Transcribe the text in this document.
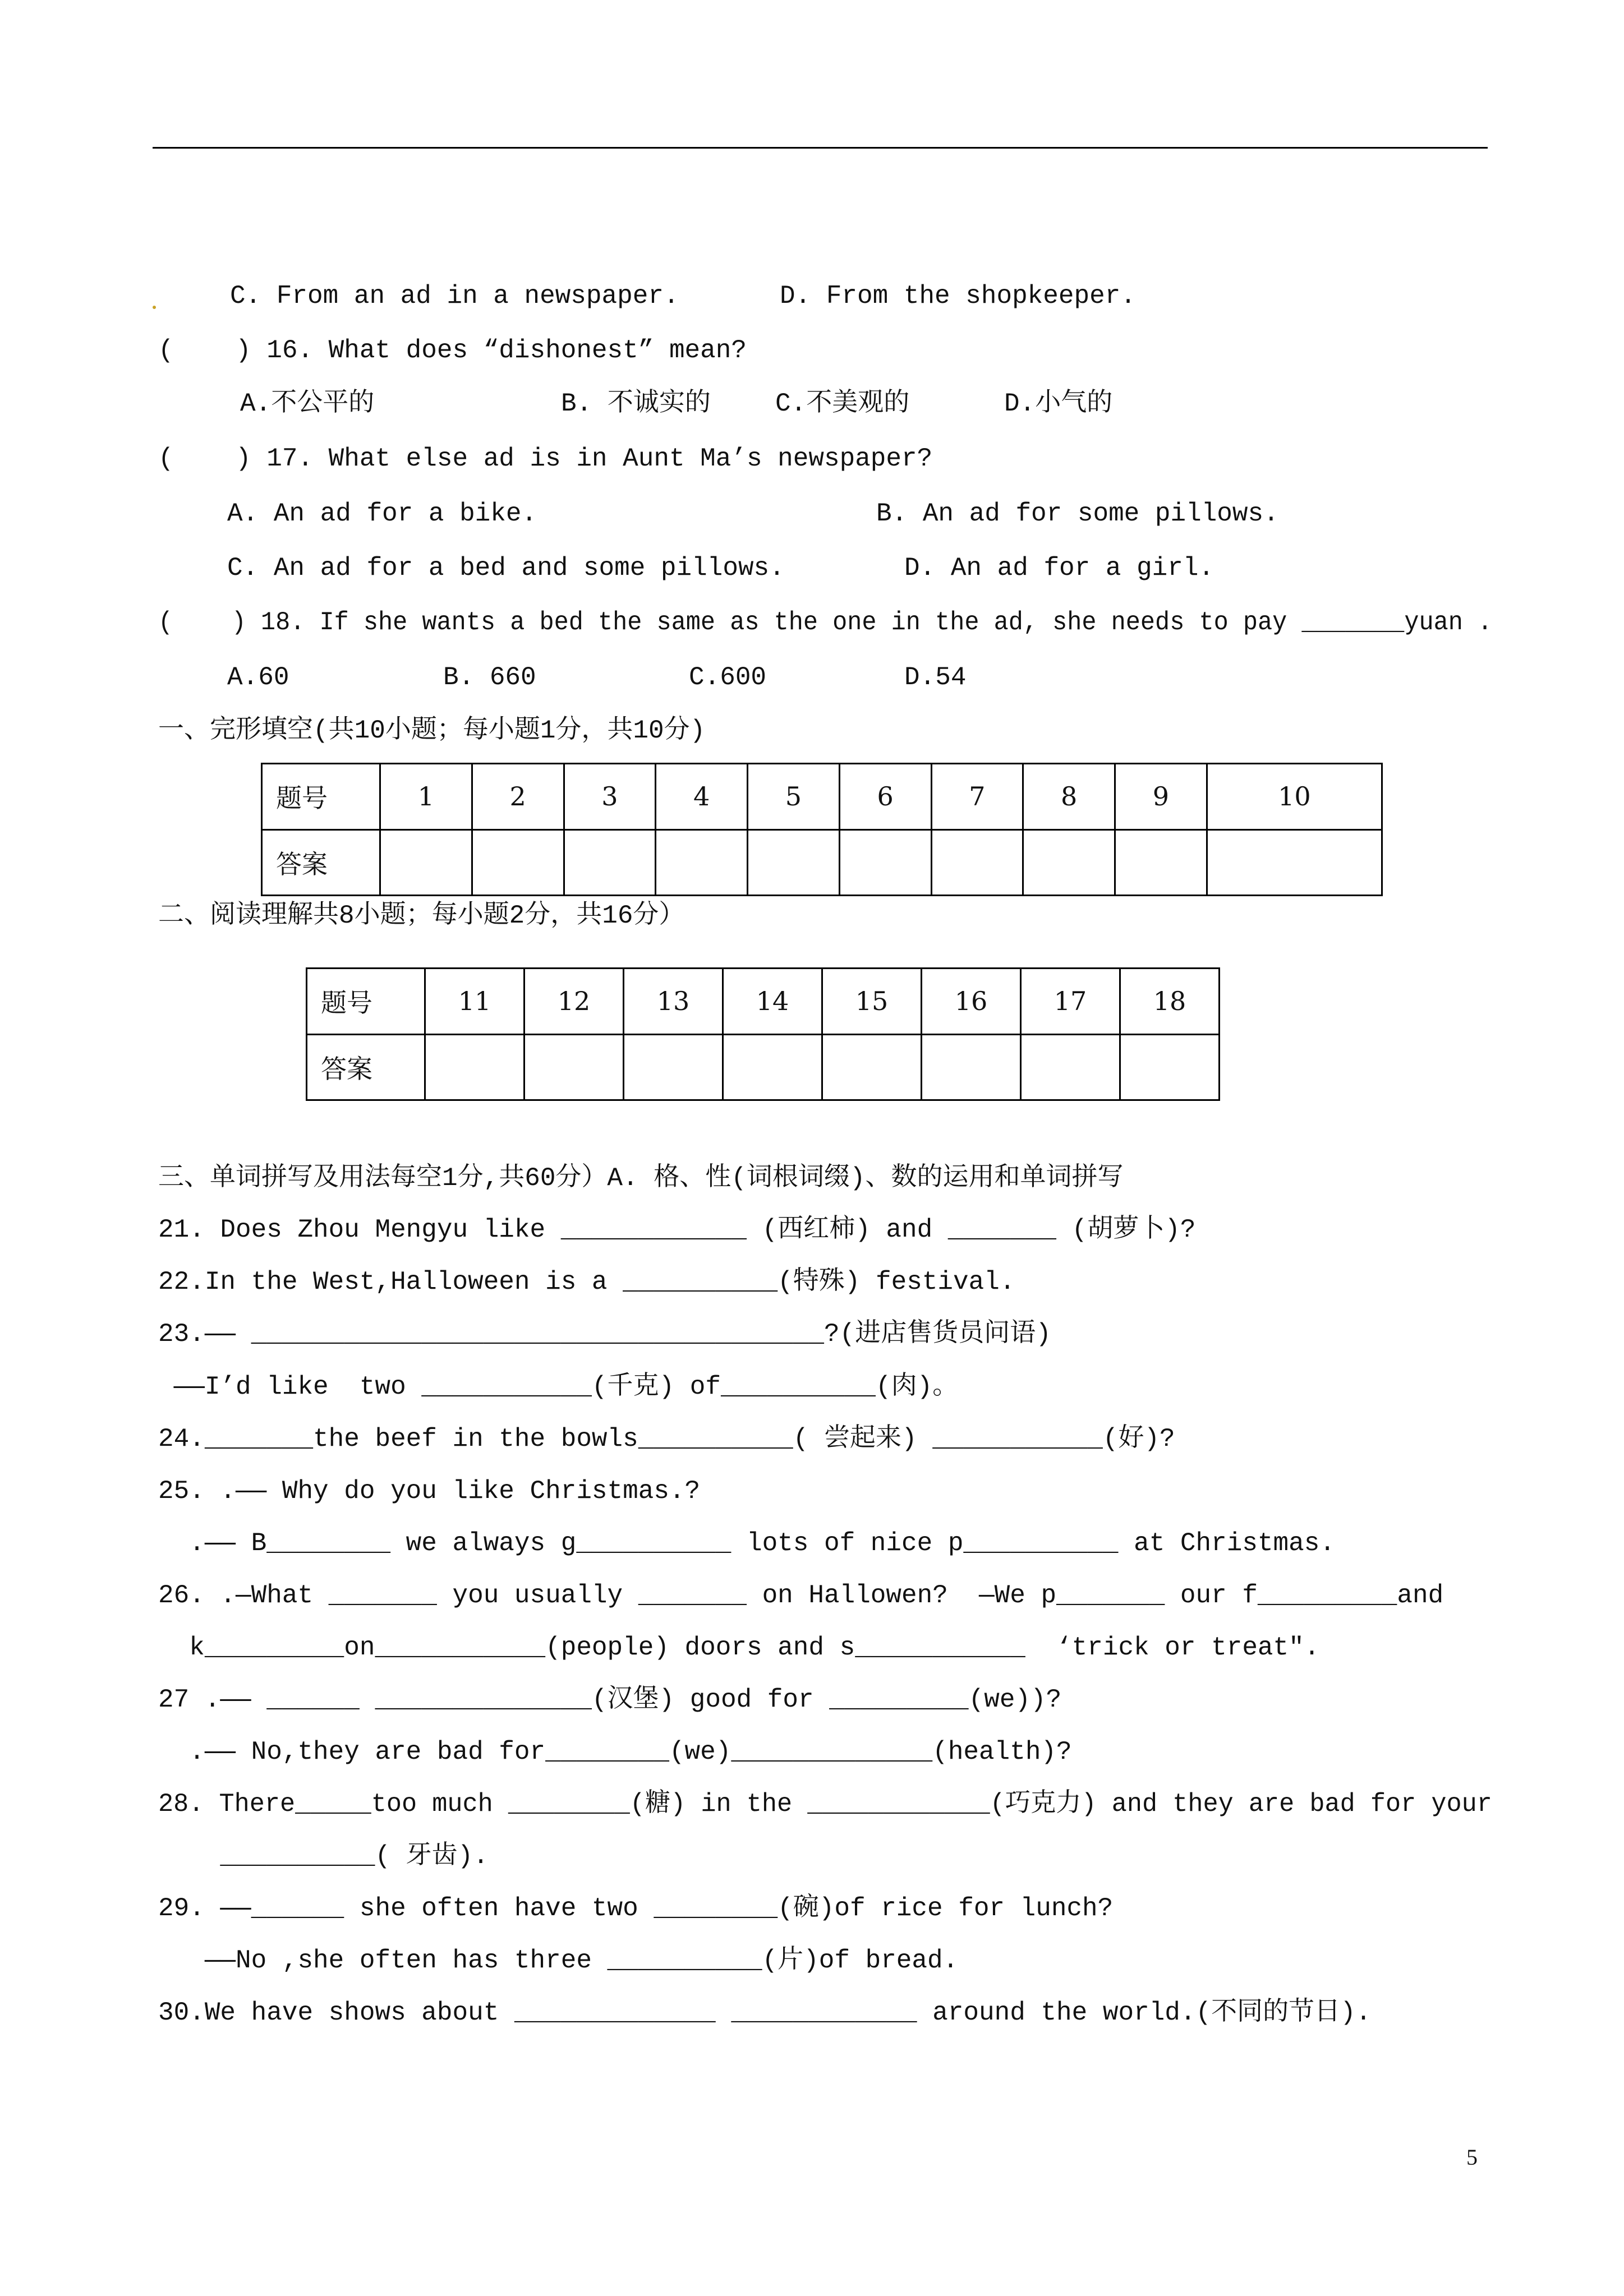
C. From an ad in a newspaper.	D. From the shopkeeper.
(    ) 16. What does “dishonest” mean?
A.不公平的	B. 不诚实的	C.不美观的	D.小气的
(    ) 17. What else ad is in Aunt Ma’s newspaper?
A. An ad for a bike.	B. An ad for some pillows.
C. An ad for a bed and some pillows.	D. An ad for a girl.
(    ) 18. If she wants a bed the same as the one in the ad, she needs to pay _______yuan .
A.60	B. 660	C.600	D.54
一、完形填空(共10小题；每小题1分，共10分)
题号	1	2	3	4	5	6	7	8	9	10
答案										
二、阅读理解共8小题；每小题2分，共16分）
题号	11	12	13	14	15	16	17	18
答案								
三、单词拼写及用法每空1分,共60分）A. 格、性(词根词缀)、数的运用和单词拼写
21. Does Zhou Mengyu like ____________ (西红柿) and _______ (胡萝卜)?
22.In the West,Halloween is a __________(特殊) festival.
23.—— _____________________________________?(进店售货员问语)
——I’d like  two ___________(千克) of__________(肉)。
24._______the beef in the bowls__________( 尝起来) ___________(好)?
25. .—— Why do you like Christmas.?
.—— B________ we always g__________ lots of nice p__________ at Christmas.
26. .—What _______ you usually _______ on Hallowen?  —We p_______ our f_________and
k_________on___________(people) doors and s___________  ‘trick or treat".
27 .—— ______ ______________(汉堡) good for _________(we))?
.—— No,they are bad for________(we)_____________(health)?
28. There_____too much ________(糖) in the ____________(巧克力) and they are bad for your
__________( 牙齿).
29. ——______ she often have two ________(碗)of rice for lunch?
——No ,she often has three __________(片)of bread.
30.We have shows about _____________ ____________ around the world.(不同的节日).
5
